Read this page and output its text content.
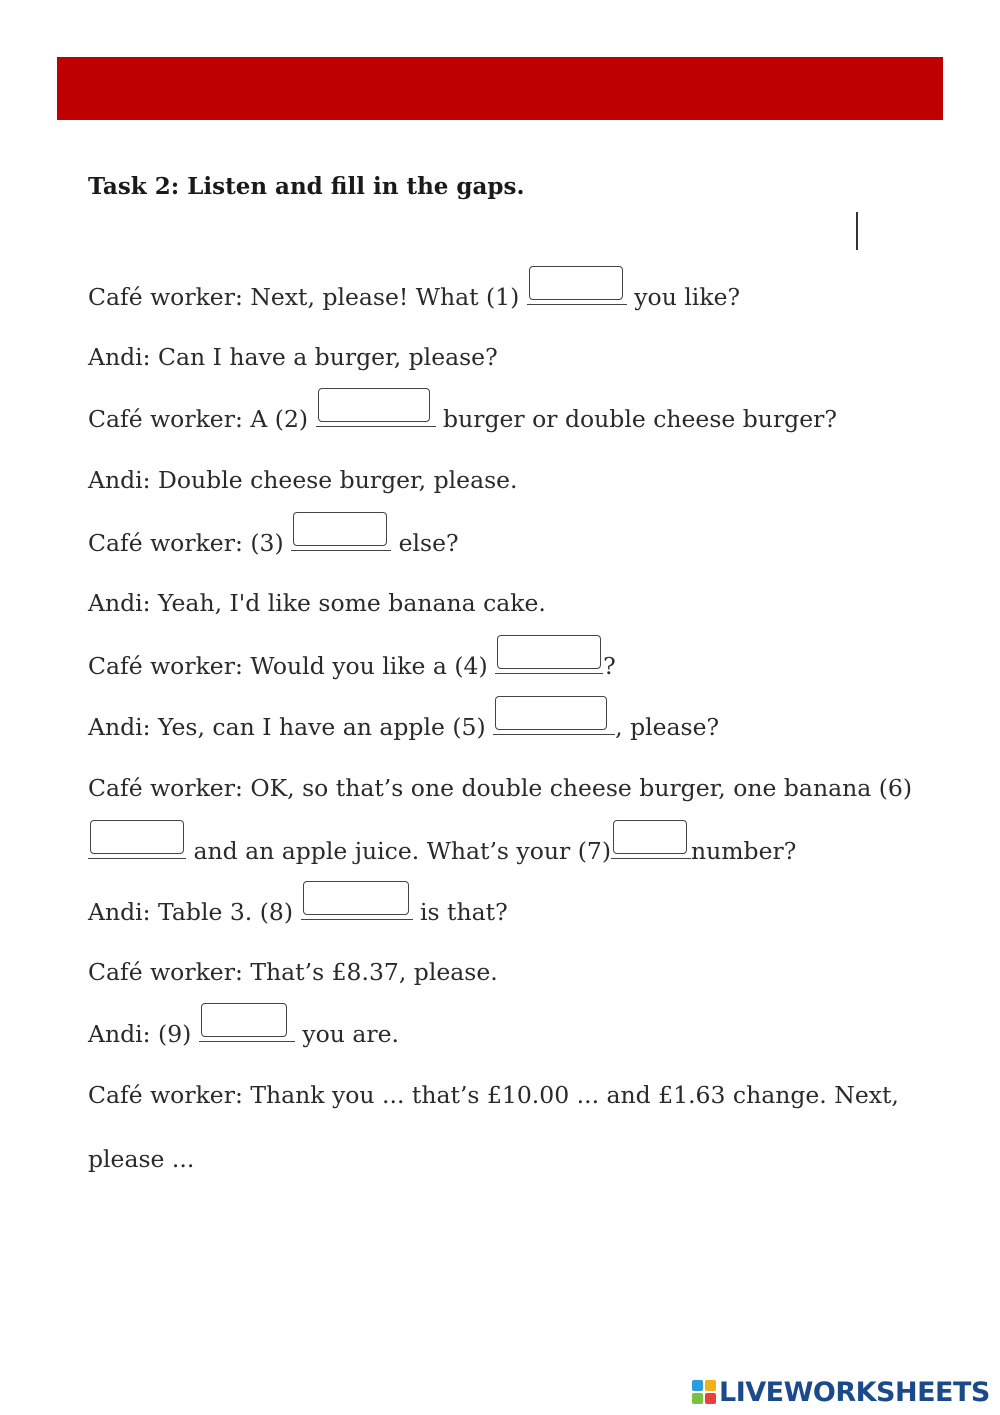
Task 2: Listen and fill in the gaps.
Café worker: Next, please! What (1)	you like?
Andi: Can I have a burger, please?
Café worker: A (2)	burger or double cheese burger?
Andi: Double cheese burger, please.
Café worker: (3)	else?
Andi: Yeah, I'd like some banana cake.
Café worker: Would you like a (4)	?
Andi: Yes, can I have an apple (5)	, please?
Café worker: OK, so that’s one double cheese burger, one banana (6)
and an apple juice. What’s your (7)	number?
Andi: Table 3. (8)	is that?
Café worker: That’s £8.37, please.
Andi: (9)	you are.
Café worker: Thank you ... that’s £10.00 ... and £1.63 change. Next,
please ...
LIVEWORKSHEETS
